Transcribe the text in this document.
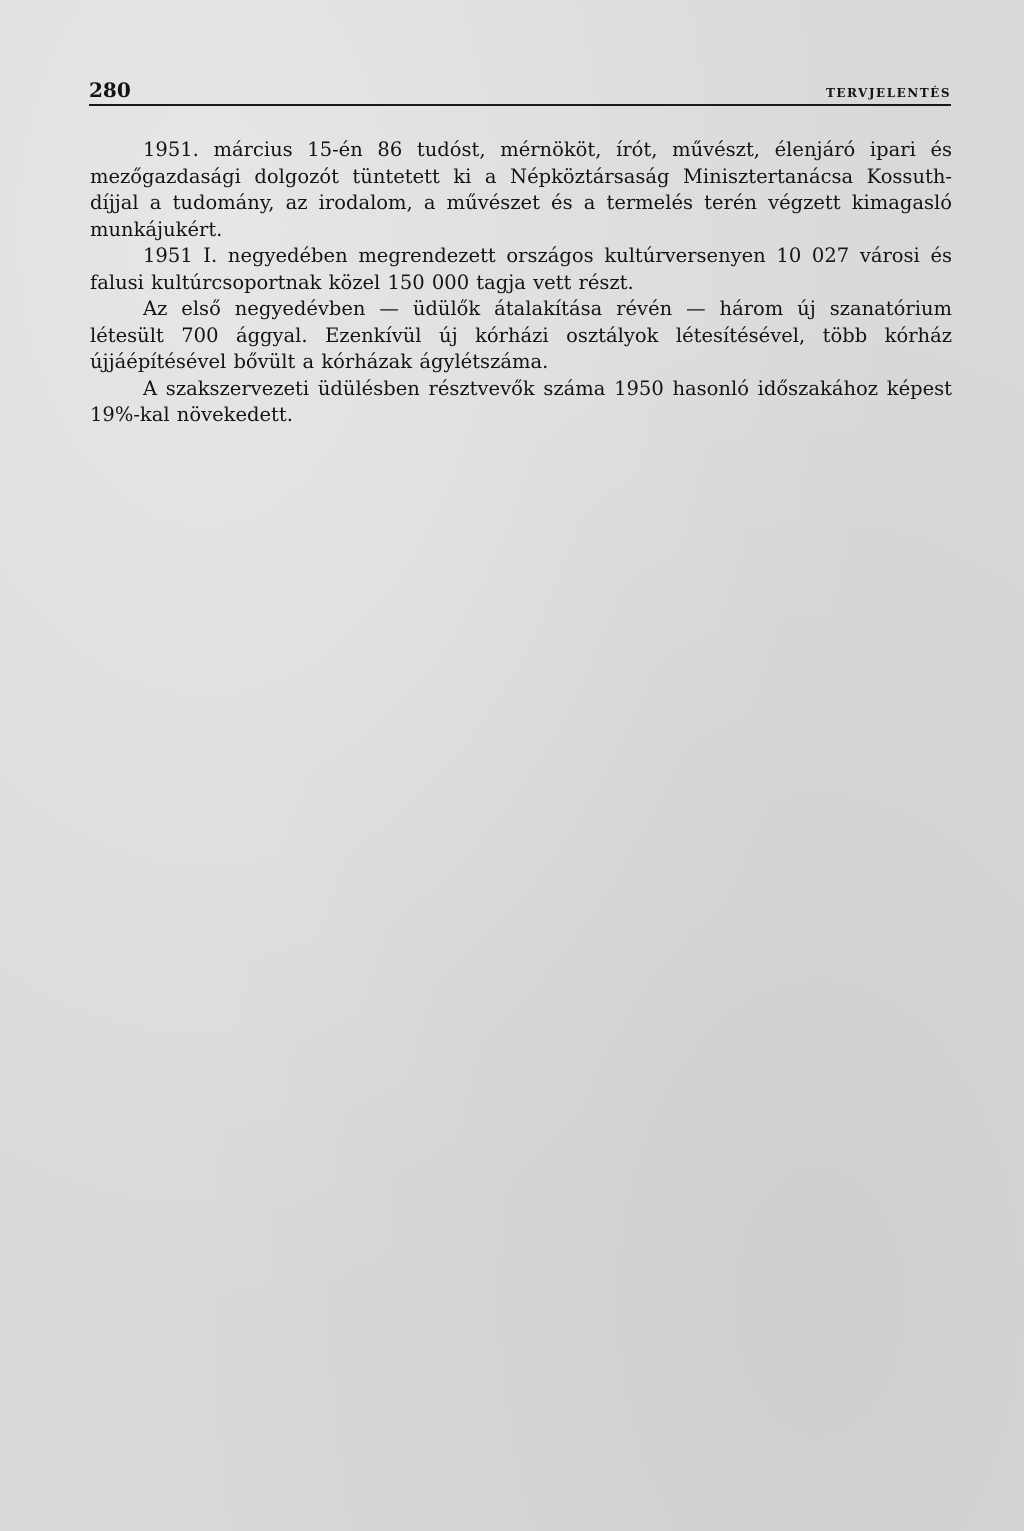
280	TERVJELENTÉS

1951. március 15-én 86 tudóst, mérnököt, írót, művészt, élenjáró ipari és mezőgazdasági dolgozót tüntetett ki a Népköztársaság Minisztertanácsa Kossuth-díjjal a tudomány, az irodalom, a művészet és a termelés terén végzett kimagasló munkájukért.

1951 I. negyedében megrendezett országos kultúrversenyen 10 027 városi és falusi kultúrcsoportnak közel 150 000 tagja vett részt.

Az első negyedévben — üdülők átalakítása révén — három új szanatórium létesült 700 ággyal. Ezenkívül új kórházi osztályok létesítésével, több kórház újjáépítésével bővült a kórházak ágylétszáma.

A szakszervezeti üdülésben résztvevők száma 1950 hasonló időszakához képest 19%-kal növekedett.
